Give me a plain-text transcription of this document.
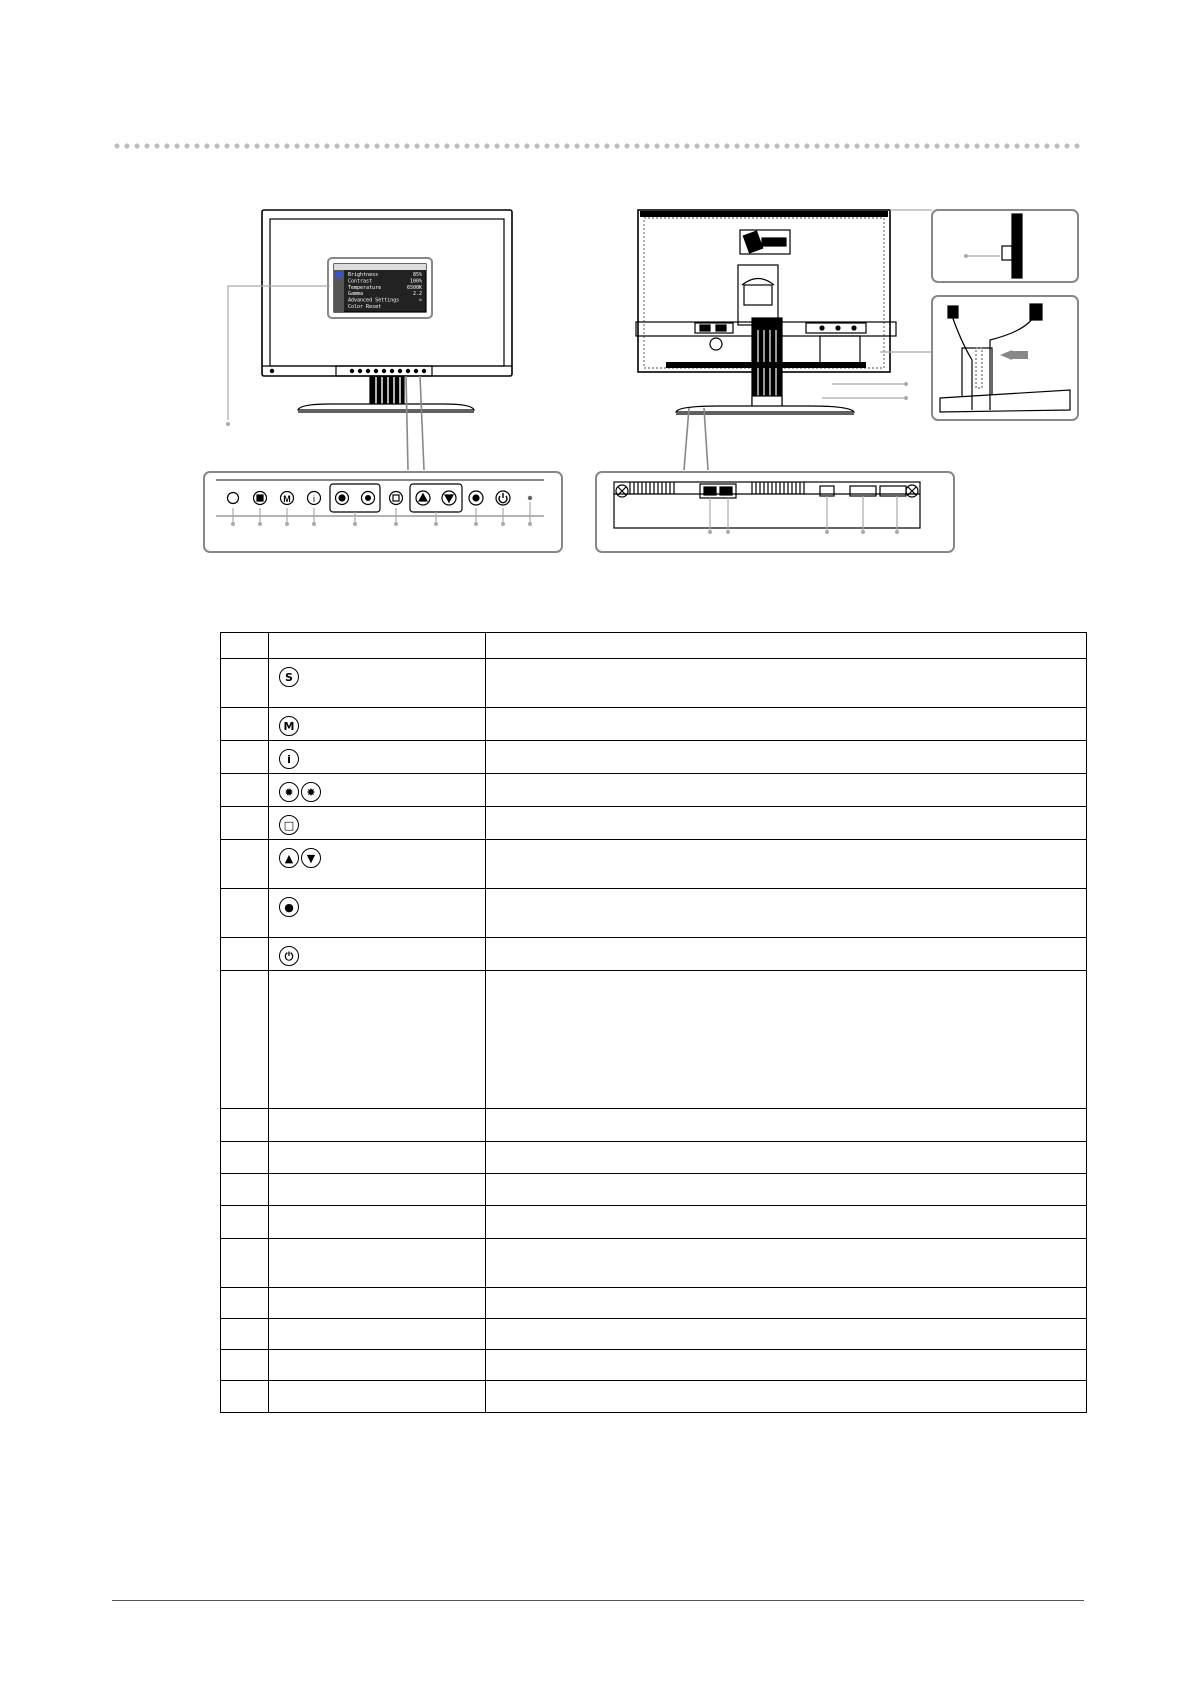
M i
Brightness	85%
Contrast	100%
Temperature	6500K
Gamma	2.2
Advanced Settings	>
Color Reset

	S	
	M	
	i	
	✹ ✸	
	□	
	▲ ▼	
	●	
	⏻	
